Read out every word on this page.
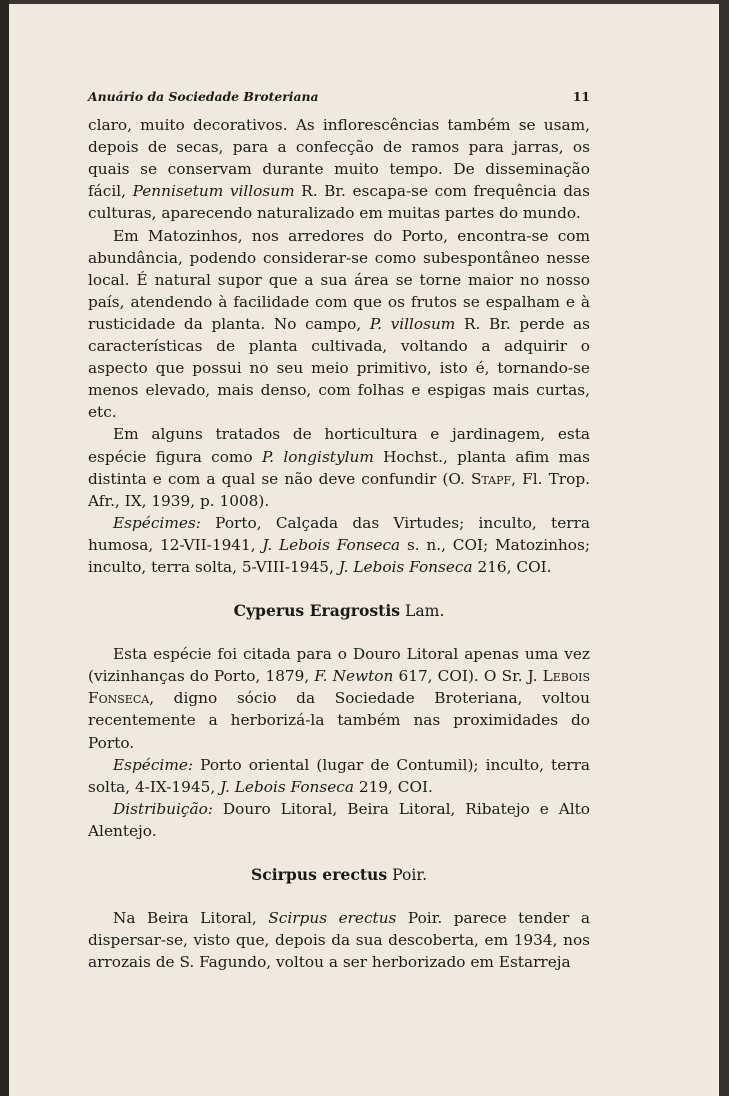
Anuário da Sociedade Broteriana	11

claro, muito decorativos. As inflorescências também se usam, depois de secas, para a confecção de ramos para jarras, os quais se conservam durante muito tempo. De disseminação fácil, Pennisetum villosum R. Br. escapa-se com frequência das culturas, aparecendo naturalizado em muitas partes do mundo.

Em Matozinhos, nos arredores do Porto, encontra-se com abundância, podendo considerar-se como subespontâneo nesse local. É natural supor que a sua área se torne maior no nosso país, atendendo à facilidade com que os frutos se espalham e à rusticidade da planta. No campo, P. villosum R. Br. perde as características de planta cultivada, voltando a adquirir o aspecto que possui no seu meio primitivo, isto é, tornando-se menos elevado, mais denso, com folhas e espigas mais curtas, etc.

Em alguns tratados de horticultura e jardinagem, esta espécie figura como P. longistylum Hochst., planta afim mas distinta e com a qual se não deve confundir (O. Stapf, Fl. Trop. Afr., IX, 1939, p. 1008).

Espécimes: Porto, Calçada das Virtudes; inculto, terra humosa, 12-VII-1941, J. Lebois Fonseca s. n., COI; Matozinhos; inculto, terra solta, 5-VIII-1945, J. Lebois Fonseca 216, COI.

Cyperus Eragrostis Lam.

Esta espécie foi citada para o Douro Litoral apenas uma vez (vizinhanças do Porto, 1879, F. Newton 617, COI). O Sr. J. Lebois Fonseca, digno sócio da Sociedade Broteriana, voltou recentemente a herborizá-la também nas proximidades do Porto.

Espécime: Porto oriental (lugar de Contumil); inculto, terra solta, 4-IX-1945, J. Lebois Fonseca 219, COI.

Distribuição: Douro Litoral, Beira Litoral, Ribatejo e Alto Alentejo.

Scirpus erectus Poir.

Na Beira Litoral, Scirpus erectus Poir. parece tender a dispersar-se, visto que, depois da sua descoberta, em 1934, nos arrozais de S. Fagundo, voltou a ser herborizado em Estarreja
